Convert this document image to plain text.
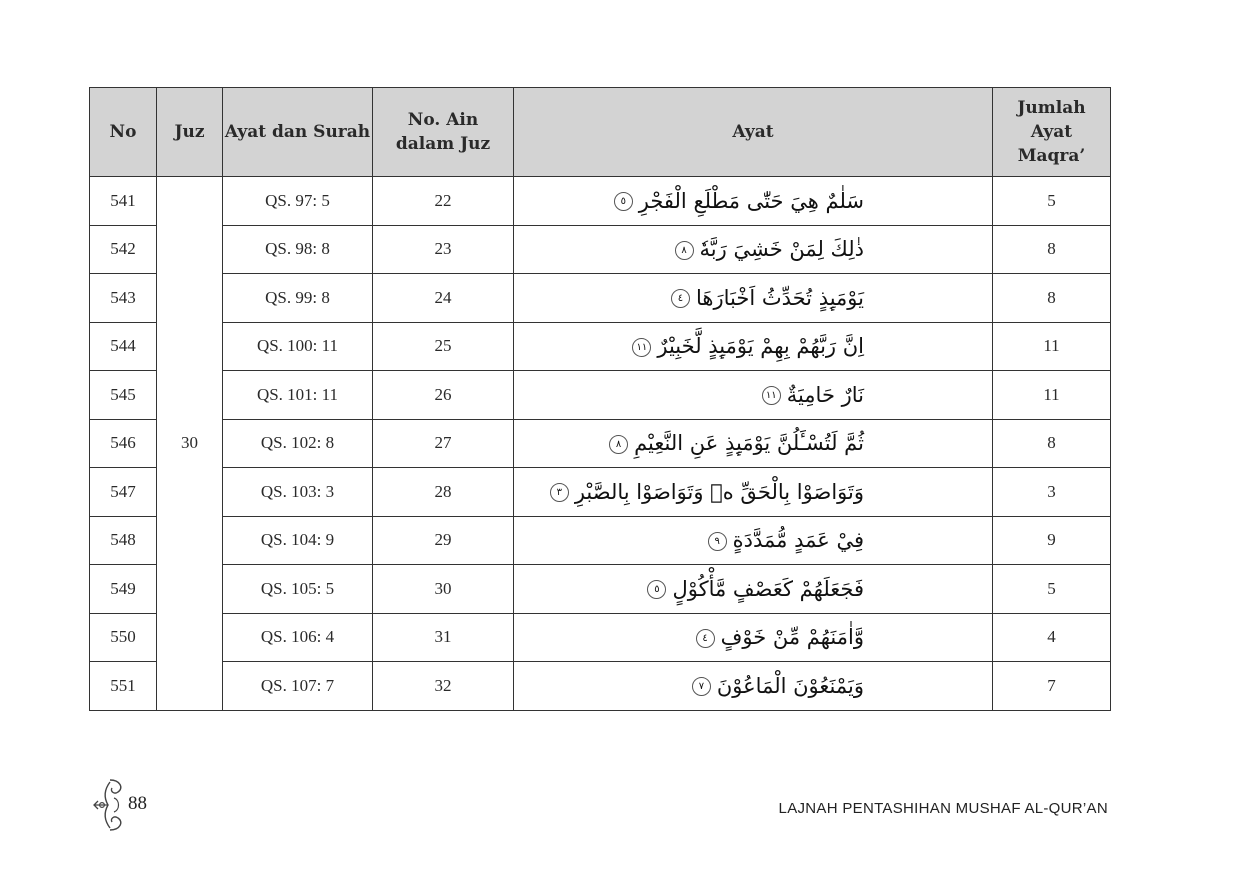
No	Juz	Ayat dan Surah	No. Ain dalam Juz	Ayat	Jumlah Ayat Maqra’
541	30	QS. 97: 5	22	سَلٰمٌ هِيَ حَتّٰى مَطْلَعِ الْفَجْرِ٥	5
542		QS. 98: 8	23	ذٰلِكَ لِمَنْ خَشِيَ رَبَّهٗ٨	8
543		QS. 99: 8	24	يَوْمَىِٕذٍ تُحَدِّثُ اَخْبَارَهَا٤	8
544		QS. 100: 11	25	اِنَّ رَبَّهُمْ بِهِمْ يَوْمَىِٕذٍ لَّخَبِيْرٌ١١	11
545		QS. 101: 11	26	نَارٌ حَامِيَةٌ١١	11
546		QS. 102: 8	27	ثُمَّ لَتُسْـَٔلُنَّ يَوْمَىِٕذٍ عَنِ النَّعِيْمِ٨	8
547		QS. 103: 3	28	وَتَوَاصَوْا بِالْحَقِّ ەۙ وَتَوَاصَوْا بِالصَّبْرِ٣	3
548		QS. 104: 9	29	فِيْ عَمَدٍ مُّمَدَّدَةٍ٩	9
549		QS. 105: 5	30	فَجَعَلَهُمْ كَعَصْفٍ مَّأْكُوْلٍ٥	5
550		QS. 106: 4	31	وَّاٰمَنَهُمْ مِّنْ خَوْفٍ٤	4
551		QS. 107: 7	32	وَيَمْنَعُوْنَ الْمَاعُوْنَ٧	7
88	LAJNAH PENTASHIHAN MUSHAF AL-QUR’AN
